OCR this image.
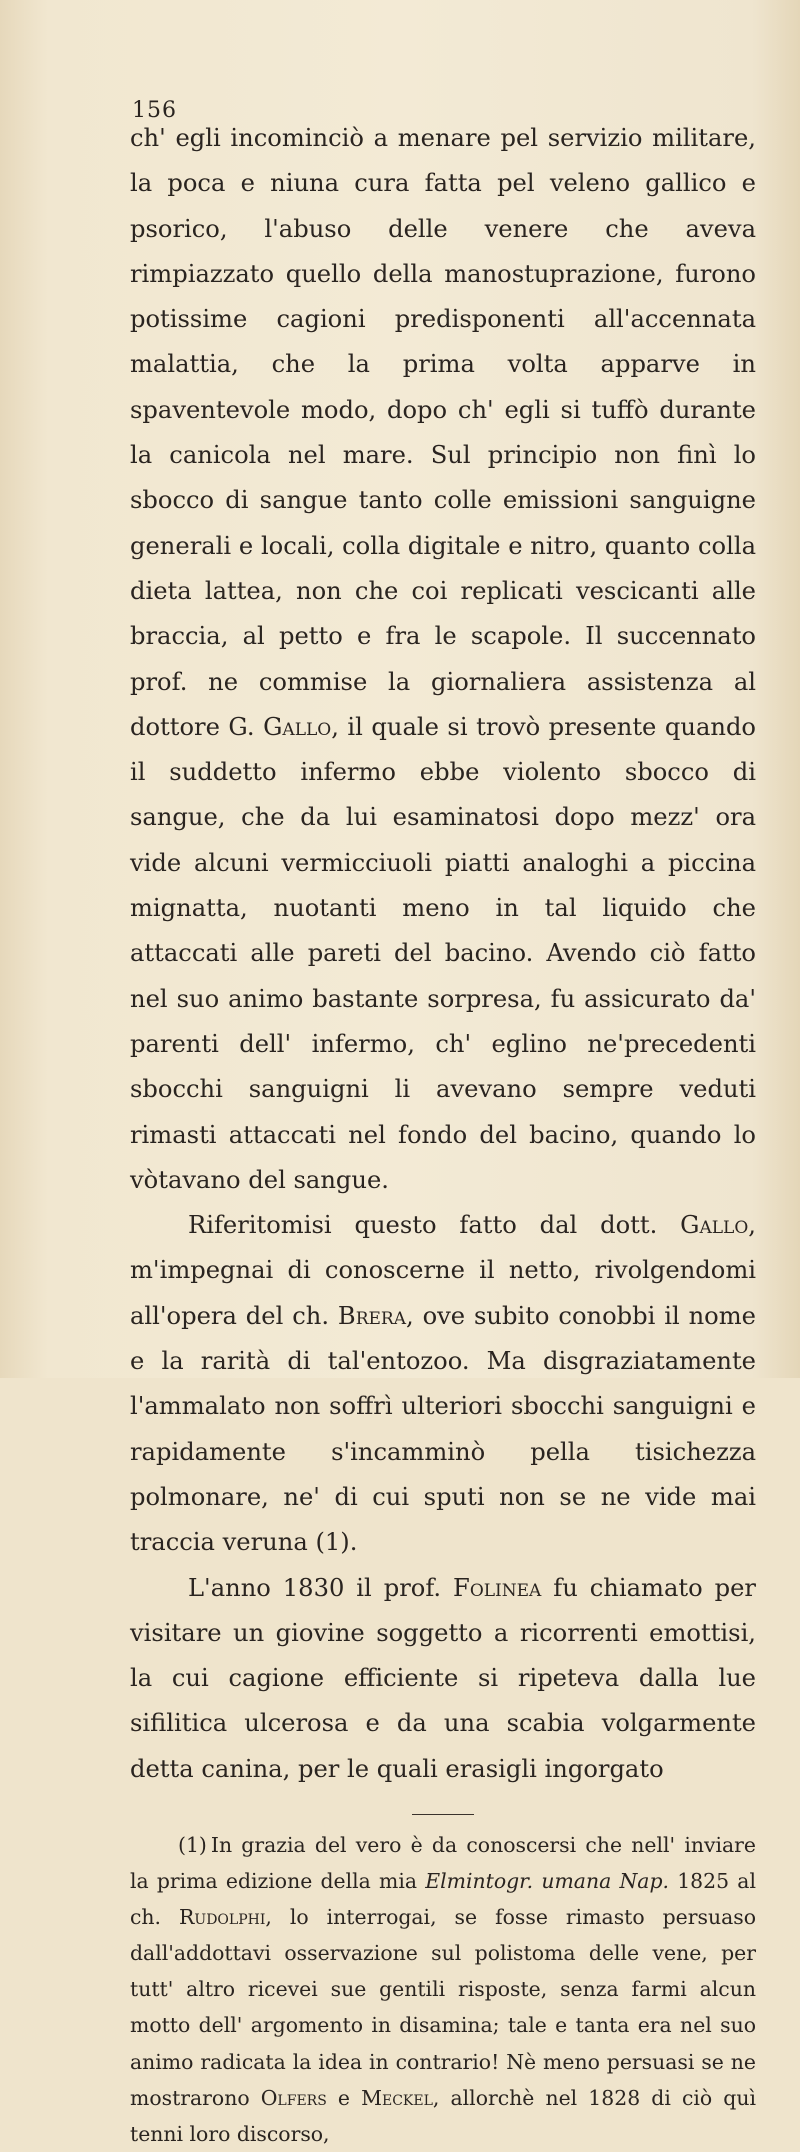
156

ch' egli incominciò a menare pel servizio militare, la poca e niuna cura fatta pel veleno gallico e psorico, l'abuso delle venere che aveva rimpiazzato quello della manostuprazione, furono potissime cagioni predisponenti all'accennata malattia, che la prima volta apparve in spaventevole modo, dopo ch' egli si tuffò durante la canicola nel mare. Sul principio non finì lo sbocco di sangue tanto colle emissioni sanguigne generali e locali, colla digitale e nitro, quanto colla dieta lattea, non che coi replicati vescicanti alle braccia, al petto e fra le scapole. Il succennato prof. ne commise la giornaliera assistenza al dottore G. Gallo, il quale si trovò presente quando il suddetto infermo ebbe violento sbocco di sangue, che da lui esaminatosi dopo mezz' ora vide alcuni vermicciuoli piatti analoghi a piccina mignatta, nuotanti meno in tal liquido che attaccati alle pareti del bacino. Avendo ciò fatto nel suo animo bastante sorpresa, fu assicurato da' parenti dell' infermo, ch' eglino ne'precedenti sbocchi sanguigni li avevano sempre veduti rimasti attaccati nel fondo del bacino, quando lo vòtavano del sangue.

Riferitomisi questo fatto dal dott. Gallo, m'impegnai di conoscerne il netto, rivolgendomi all'opera del ch. Brera, ove subito conobbi il nome e la rarità di tal'entozoo. Ma disgraziatamente l'ammalato non soffrì ulteriori sbocchi sanguigni e rapidamente s'incamminò pella tisichezza polmonare, ne' di cui sputi non se ne vide mai traccia veruna (1).

L'anno 1830 il prof. Folinea fu chiamato per visitare un giovine soggetto a ricorrenti emottisi, la cui cagione efficiente si ripeteva dalla lue sifilitica ulcerosa e da una scabia volgarmente detta canina, per le quali erasigli ingorgato

(1) In grazia del vero è da conoscersi che nell' inviare la prima edizione della mia Elmintogr. umana Nap. 1825 al ch. Rudolphi, lo interrogai, se fosse rimasto persuaso dall'addottavi osservazione sul polistoma delle vene, per tutt' altro ricevei sue gentili risposte, senza farmi alcun motto dell' argomento in disamina; tale e tanta era nel suo animo radicata la idea in contrario! Nè meno persuasi se ne mostrarono Olfers e Meckel, allorchè nel 1828 di ciò quì tenni loro discorso,
